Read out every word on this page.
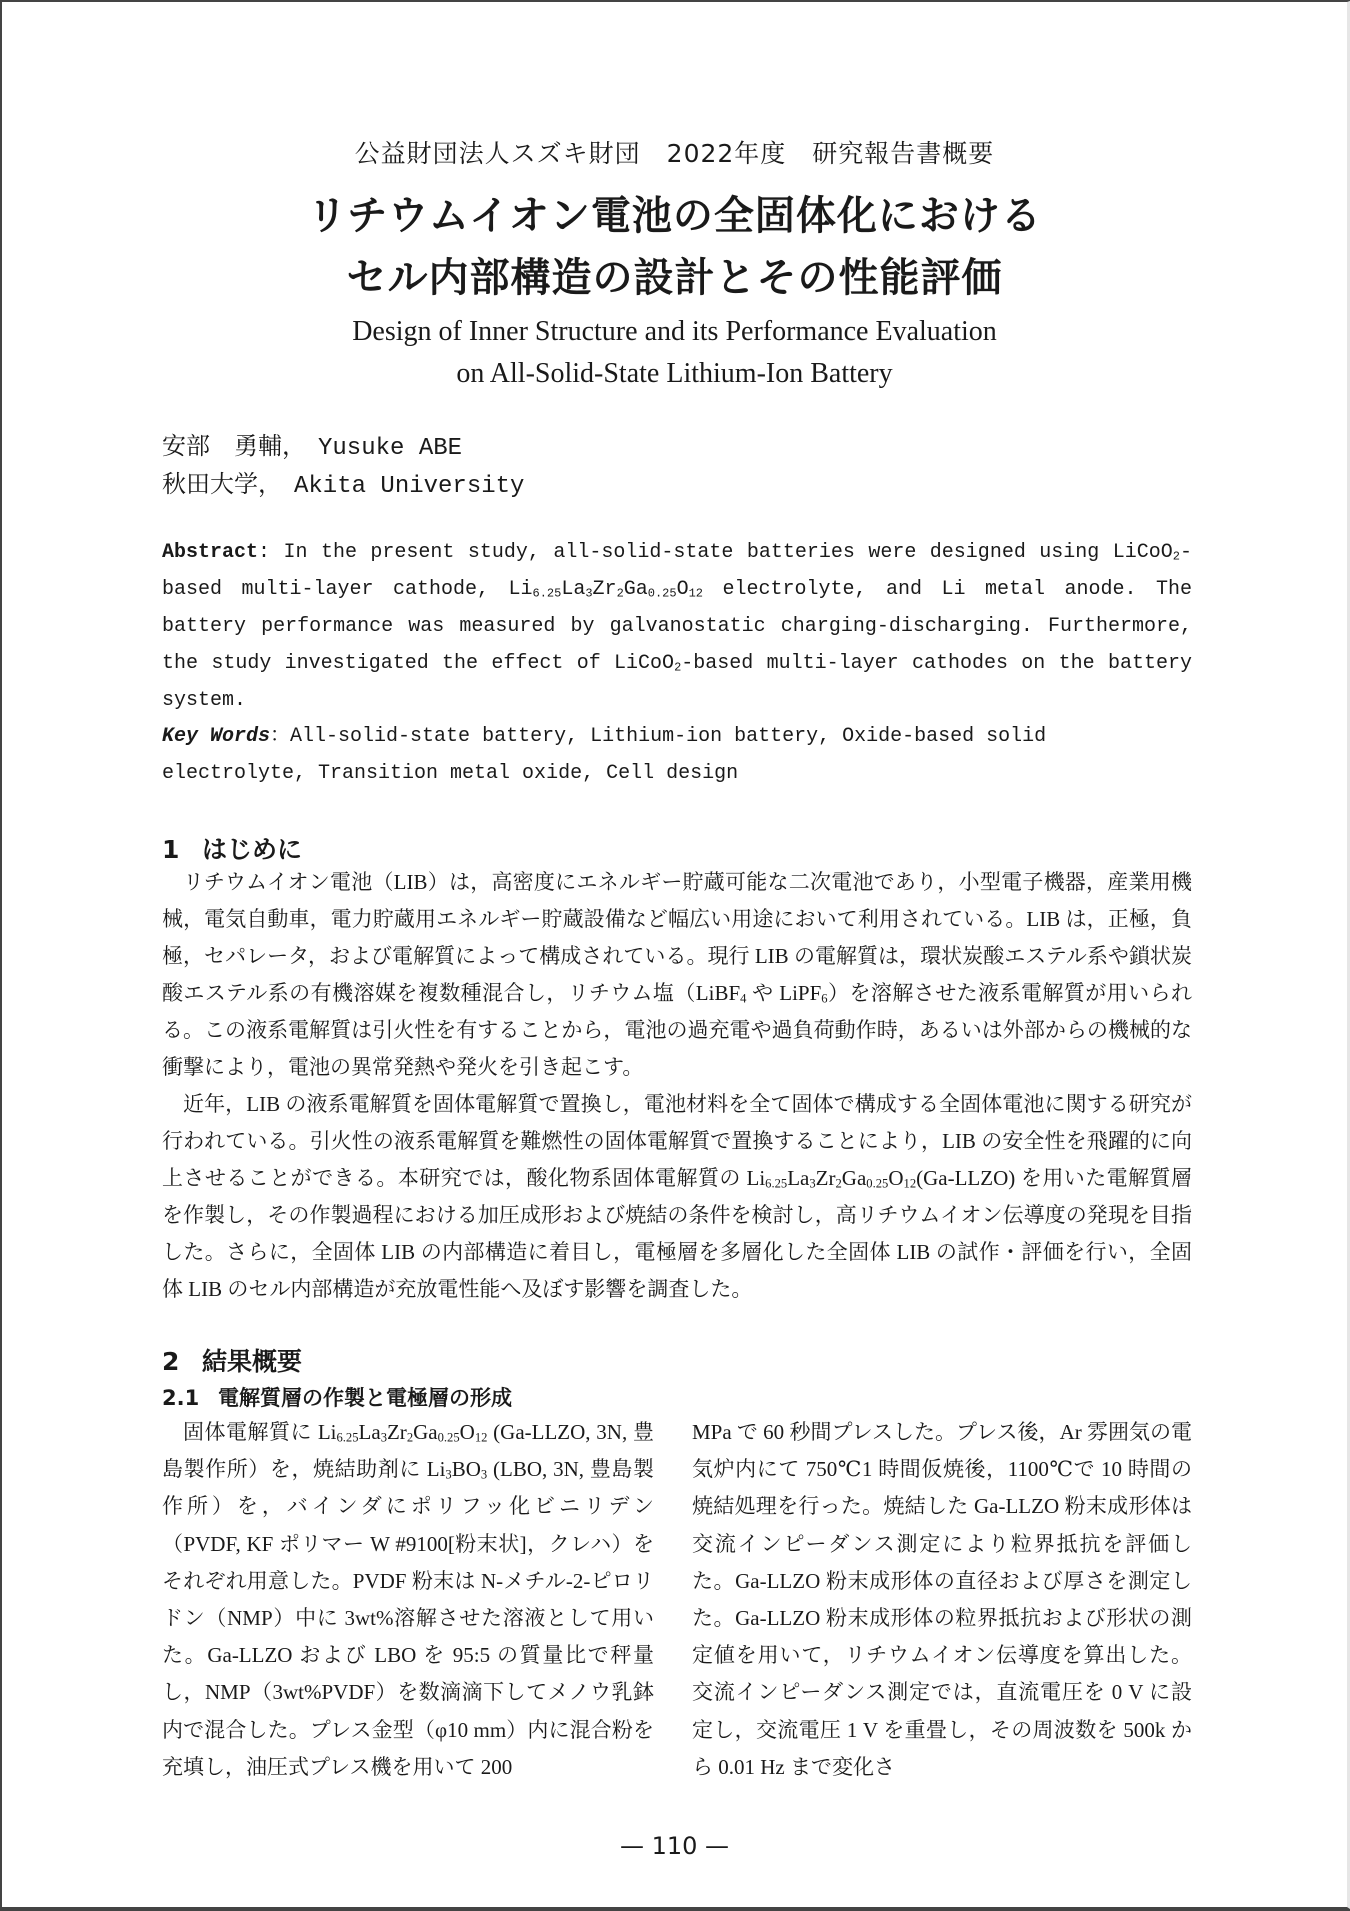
公益財団法人スズキ財団　2022年度　研究報告書概要
リチウムイオン電池の全固体化における
セル内部構造の設計とその性能評価
Design of Inner Structure and its Performance Evaluation
on All-Solid-State Lithium-Ion Battery
安部　勇輔，　Yusuke ABE
秋田大学，　Akita University
Abstract: In the present study, all-solid-state batteries were designed using LiCoO$_2$-based multi-layer cathode, $Li_{6.25}La_3Zr_2Ga_{0.25}O_{12}$ electrolyte, and Li metal anode. The battery performance was measured by galvanostatic charging-discharging. Furthermore, the study investigated the effect of LiCoO$_2$-based multi-layer cathodes on the battery system.
Key Words：All-solid-state battery, Lithium-ion battery, Oxide-based solid electrolyte, Transition metal oxide, Cell design
1 はじめに

リチウムイオン電池（LIB）は，高密度にエネルギー貯蔵可能な二次電池であり，小型電子機器，産業用機械，電気自動車，電力貯蔵用エネルギー貯蔵設備など幅広い用途において利用されている。LIB は，正極，負極，セパレータ，および電解質によって構成されている。現行 LIB の電解質は，環状炭酸エステル系や鎖状炭酸エステル系の有機溶媒を複数種混合し，リチウム塩（LiBF$_4$ や LiPF$_6$）を溶解させた液系電解質が用いられる。この液系電解質は引火性を有することから，電池の過充電や過負荷動作時，あるいは外部からの機械的な衝撃により，電池の異常発熱や発火を引き起こす。

近年，LIB の液系電解質を固体電解質で置換し，電池材料を全て固体で構成する全固体電池に関する研究が行われている。引火性の液系電解質を難燃性の固体電解質で置換することにより，LIB の安全性を飛躍的に向上させることができる。本研究では，酸化物系固体電解質の $Li_{6.25}La_3Zr_2Ga_{0.25}O_{12}(Ga-LLZO)$ を用いた電解質層を作製し，その作製過程における加圧成形および焼結の条件を検討し，高リチウムイオン伝導度の発現を目指した。さらに，全固体 LIB の内部構造に着目し，電極層を多層化した全固体 LIB の試作・評価を行い，全固体 LIB のセル内部構造が充放電性能へ及ぼす影響を調査した。

2 結果概要
2.1 電解質層の作製と電極層の形成

固体電解質に $Li_{6.25}La_3Zr_2Ga_{0.25}O_{12}$ (Ga-LLZO, 3N, 豊島製作所）を，焼結助剤に $Li_3BO_3$ (LBO, 3N, 豊島製作所）を，バインダにポリフッ化ビニリデン（PVDF, KF ポリマー W #9100[粉末状]，クレハ）をそれぞれ用意した。PVDF 粉末は N-メチル-2-ピロリドン（NMP）中に 3wt%溶解させた溶液として用いた。Ga-LLZO および LBO を 95:5 の質量比で秤量し，NMP（3wt%PVDF）を数滴滴下してメノウ乳鉢内で混合した。プレス金型（φ10 mm）内に混合粉を充填し，油圧式プレス機を用いて 200

MPa で 60 秒間プレスした。プレス後，Ar 雰囲気の電気炉内にて 750℃1 時間仮焼後，1100℃で 10 時間の焼結処理を行った。焼結した Ga-LLZO 粉末成形体は交流インピーダンス測定により粒界抵抗を評価した。Ga-LLZO 粉末成形体の直径および厚さを測定した。Ga-LLZO 粉末成形体の粒界抵抗および形状の測定値を用いて，リチウムイオン伝導度を算出した。交流インピーダンス測定では，直流電圧を 0 V に設定し，交流電圧 1 V を重畳し，その周波数を 500k から 0.01 Hz まで変化さ

— 110 —
